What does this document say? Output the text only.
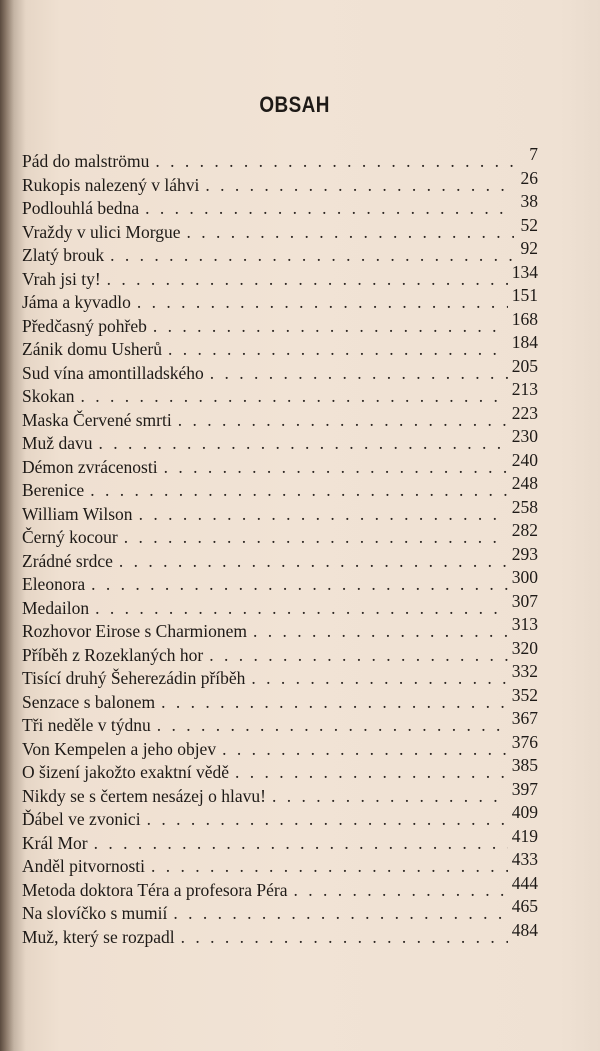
OBSAH
Pád do malströmu . . .	7
Rukopis nalezený v láhvi . . .	26
Podlouhlá bedna . . .	38
Vraždy v ulici Morgue . . .	52
Zlatý brouk . . .	92
Vrah jsi ty! . . .	134
Jáma a kyvadlo . . .	151
Předčasný pohřeb . . .	168
Zánik domu Usherů . . .	184
Sud vína amontilladského . . .	205
Skokan . . .	213
Maska Červené smrti . . .	223
Muž davu . . .	230
Démon zvrácenosti . . .	240
Berenice . . .	248
William Wilson . . .	258
Černý kocour . . .	282
Zrádné srdce . . .	293
Eleonora . . .	300
Medailon . . .	307
Rozhovor Eirose s Charmionem . . .	313
Příběh z Rozeklaných hor . . .	320
Tisící druhý Šeherezádin příběh . . .	332
Senzace s balonem . . .	352
Tři neděle v týdnu . . .	367
Von Kempelen a jeho objev . . .	376
O šizení jakožto exaktní vědě . . .	385
Nikdy se s čertem nesázej o hlavu! . . .	397
Ďábel ve zvonici . . .	409
Král Mor . . .	419
Anděl pitvornosti . . .	433
Metoda doktora Téra a profesora Péra . . .	444
Na slovíčko s mumií . . .	465
Muž, který se rozpadl . . .	484
